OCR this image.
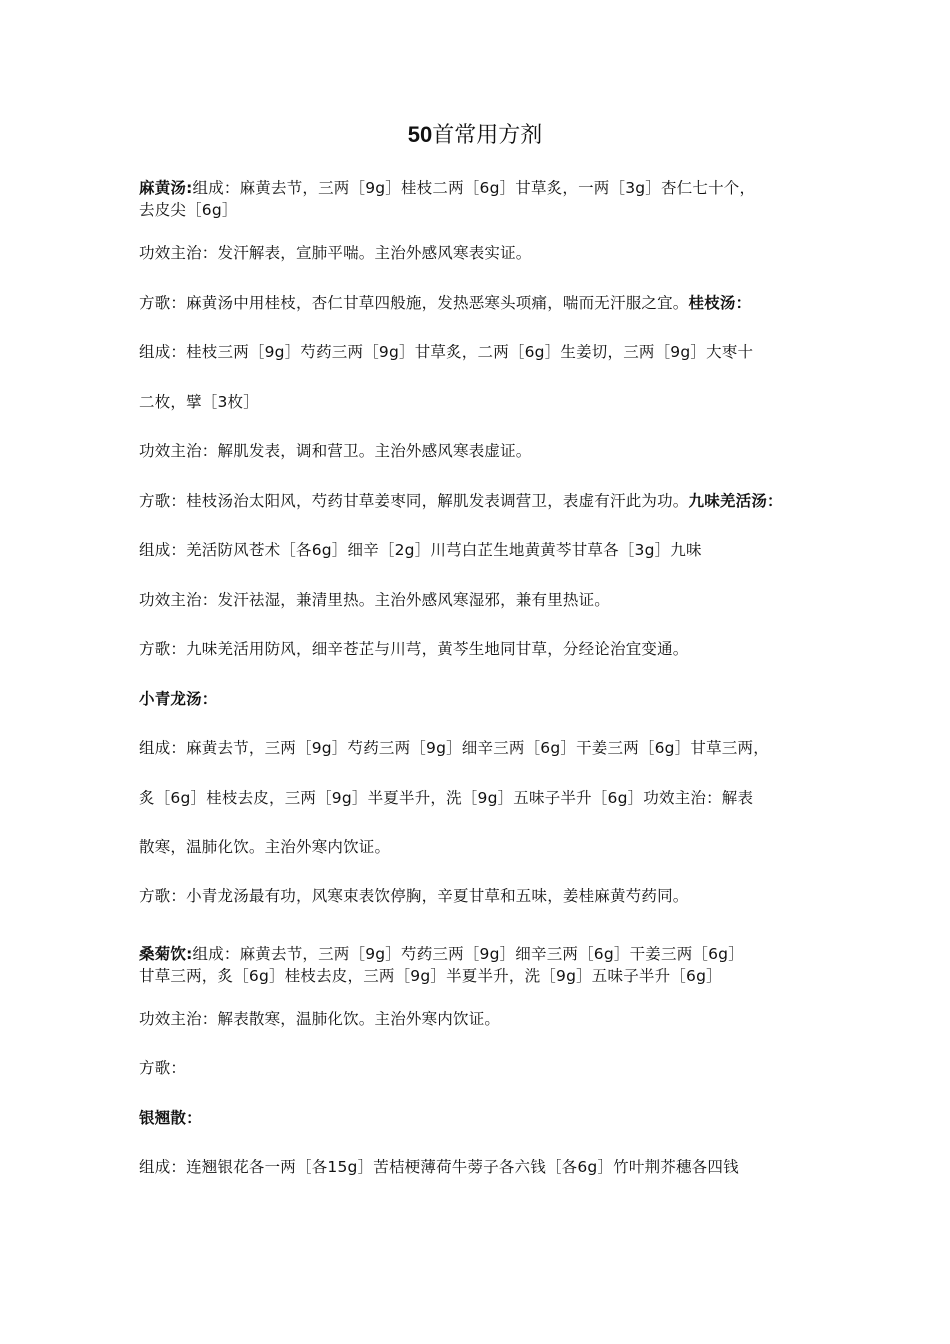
50首常用方剂
麻黄汤:组成：麻黄去节，三两［9g］桂枝二两［6g］甘草炙，一两［3g］杏仁七十个，
去皮尖［6g］
功效主治：发汗解表，宣肺平喘。主治外感风寒表实证。
方歌：麻黄汤中用桂枝，杏仁甘草四般施，发热恶寒头项痛，喘而无汗服之宜。桂枝汤：
组成：桂枝三两［9g］芍药三两［9g］甘草炙，二两［6g］生姜切，三两［9g］大枣十
二枚，擘［3枚］
功效主治：解肌发表，调和营卫。主治外感风寒表虚证。
方歌：桂枝汤治太阳风，芍药甘草姜枣同，解肌发表调营卫，表虚有汗此为功。九味羌活汤：
组成：羌活防风苍术［各6g］细辛［2g］川芎白芷生地黄黄芩甘草各［3g］九味
功效主治：发汗祛湿，兼清里热。主治外感风寒湿邪，兼有里热证。
方歌：九味羌活用防风，细辛苍芷与川芎，黄芩生地同甘草，分经论治宜变通。
小青龙汤：
组成：麻黄去节，三两［9g］芍药三两［9g］细辛三两［6g］干姜三两［6g］甘草三两，
炙［6g］桂枝去皮，三两［9g］半夏半升，洗［9g］五味子半升［6g］功效主治：解表
散寒，温肺化饮。主治外寒内饮证。
方歌：小青龙汤最有功，风寒束表饮停胸，辛夏甘草和五味，姜桂麻黄芍药同。
桑菊饮:组成：麻黄去节，三两［9g］芍药三两［9g］细辛三两［6g］干姜三两［6g］
甘草三两，炙［6g］桂枝去皮，三两［9g］半夏半升，洗［9g］五味子半升［6g］
功效主治：解表散寒，温肺化饮。主治外寒内饮证。
方歌：
银翘散：
组成：连翘银花各一两［各15g］苦桔梗薄荷牛蒡子各六钱［各6g］竹叶荆芥穗各四钱
